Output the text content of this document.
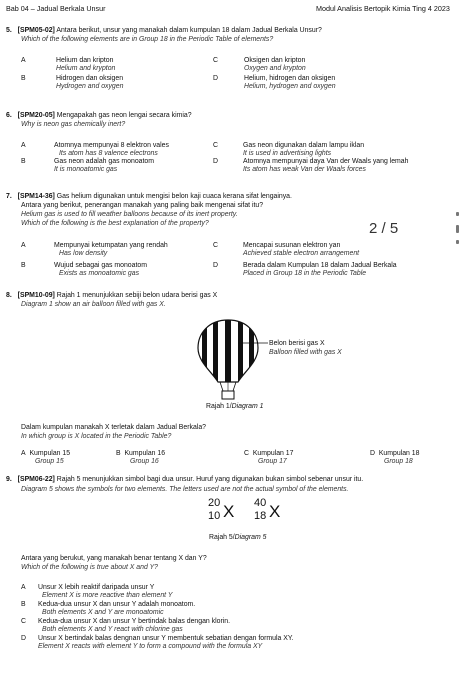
Bab 04 – Jadual Berkala Unsur	Modul Analisis Bertopik Kimia Ting 4 2023
5. [SPM05-02] Antara berikut, unsur yang manakah dalam kumpulan 18 dalam Jadual Berkala Unsur?
Which of the following elements are in Group 18 in the Periodic Table of elements?
A	Helium dan kripton
Helium and krypton
B	Hidrogen dan oksigen
Hydrogen and oxygen
C	Oksigen dan kripton
Oxygen and krypton
D	Helium, hidrogen dan oksigen
Helium, hydrogen and oxygen
6. [SPM20-05] Mengapakah gas neon lengai secara kimia?
Why is neon gas chemically inert?
A	Atomnya mempunyai 8 elektron vales
Its atom has 8 valence electrons
B	Gas neon adalah gas monoatom
It is monoatomic gas
C	Gas neon digunakan dalam lampu iklan
It is used in advertising lights
D	Atomnya mempunyai daya Van der Waals yang lemah
Its atom has weak Van der Waals forces
7. [SPM14-36] Gas helium digunakan untuk mengisi belon kaji cuaca kerana sifat lengainya.
Antara yang berikut, penerangan manakah yang paling baik mengenai sifat itu?
Helium gas is used to fill weather balloons because of its inert property.
Which of the following is the best explanation of the property?	2 / 5
A	Mempunyai ketumpatan yang rendah
Has low density
B	Wujud sebagai gas monoatom
Exists as monoatomic gas
C	Mencapai susunan elektron yan
Achieved stable electron arrangement
D	Berada dalam Kumpulan 18 dalam Jadual Berkala
Placed in Group 18 in the Periodic Table
8. [SPM10-09] Rajah 1 menunjukkan sebiji belon udara berisi gas X
Diagram 1 show an air balloon filled with gas X.
Belon berisi gas X
Balloon filled with gas X
Rajah 1/Diagram 1
Dalam kumpulan manakah X terletak dalam Jadual Berkala?
In which group is X located in the Periodic Table?
A Kumpulan 15
Group 15
B Kumpulan 16
Group 16
C Kumpulan 17
Group 17
D Kumpulan 18
Group 18
9. [SPM06-22] Rajah 5 menunjukkan simbol bagi dua unsur. Huruf yang digunakan bukan simbol sebenar unsur itu.
Diagram 5 shows the symbols for two elements. The letters used are not the actual symbol of the elements.
20
10 X 40
18 X
Rajah 5/Diagram 5
Antara yang berukut, yang manakah benar tentang X dan Y?
Which of the following is true about X and Y?
A Unsur X lebih reaktif daripada unsur Y
Element X is more reactive than element Y
B Kedua-dua unsur X dan unsur Y adalah monoatom.
Both elements X and Y are monoatomic
C Kedua-dua unsur X dan unsur Y bertindak balas dengan klorin.
Both elements X and Y react with chlorine gas
D Unsur X bertindak balas dengnan unsur Y membentuk sebatian dengan formula XY.
Element X reacts with element Y to form a compound with the formula XY
